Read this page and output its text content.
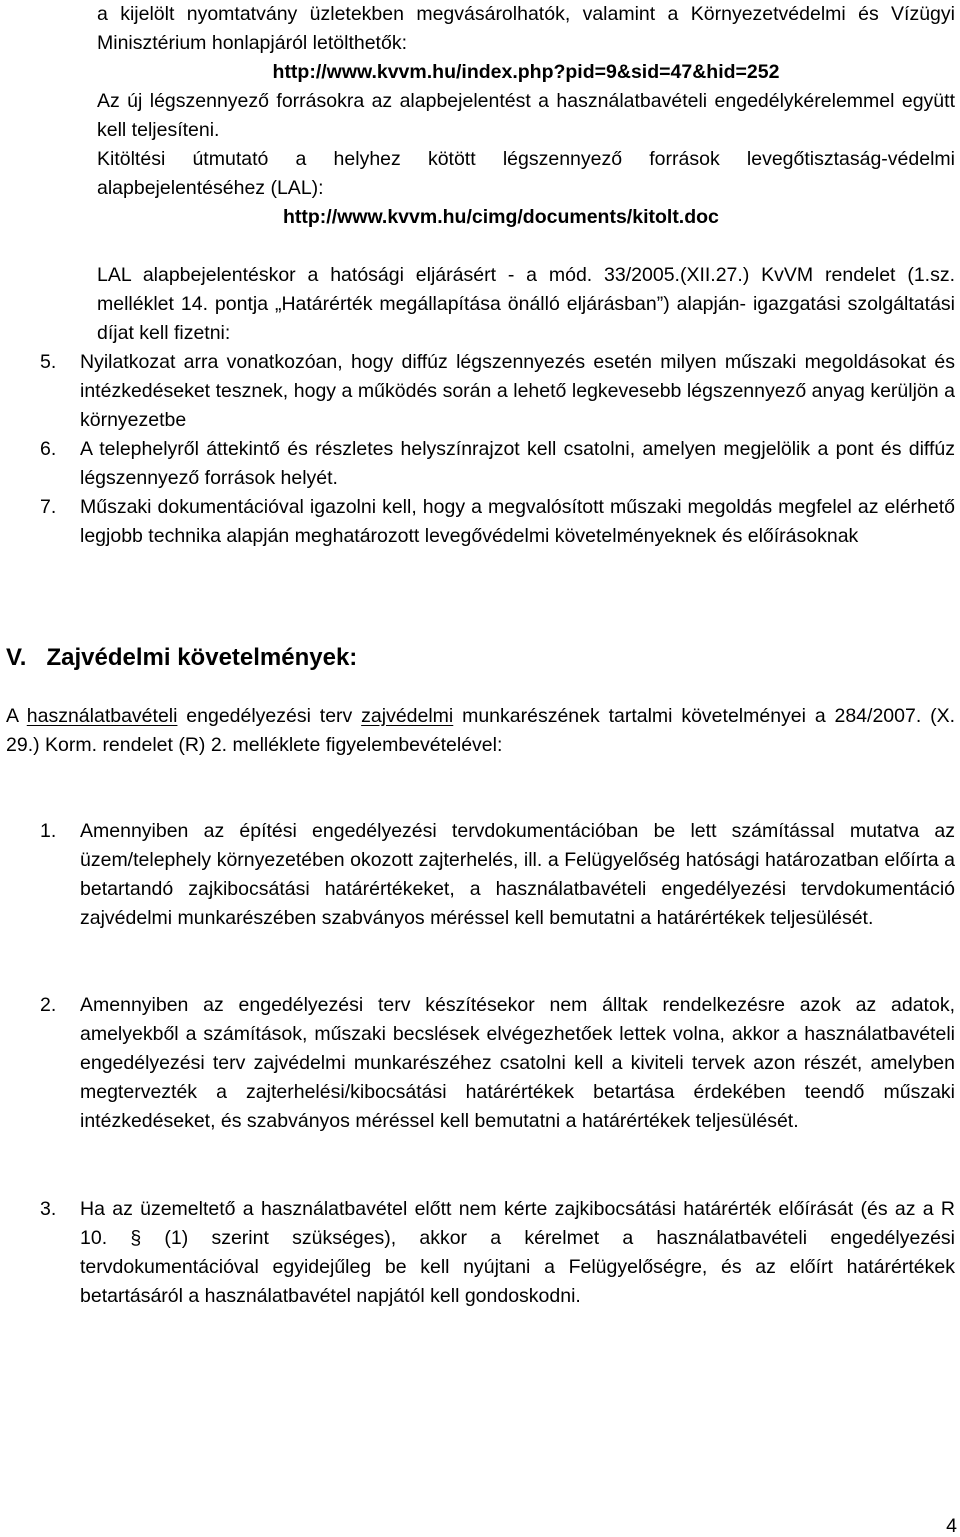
a kijelölt nyomtatvány üzletekben megvásárolhatók, valamint a Környezetvédelmi és Vízügyi Minisztérium honlapjáról letölthetők:
http://www.kvvm.hu/index.php?pid=9&sid=47&hid=252
Az új légszennyező forrásokra az alapbejelentést a használatbavételi engedélykérelemmel együtt kell teljesíteni.
Kitöltési útmutató a helyhez kötött légszennyező források levegőtisztaság-védelmi alapbejelentéséhez (LAL):
http://www.kvvm.hu/cimg/documents/kitolt.doc
LAL alapbejelentéskor a hatósági eljárásért - a mód. 33/2005.(XII.27.) KvVM rendelet (1.sz. melléklet 14. pontja „Határérték megállapítása önálló eljárásban”) alapján- igazgatási szolgáltatási díjat kell fizetni:
5.	Nyilatkozat arra vonatkozóan, hogy diffúz légszennyezés esetén milyen műszaki megoldásokat és intézkedéseket tesznek, hogy a működés során a lehető legkevesebb légszennyező anyag kerüljön a környezetbe
6.	A telephelyről áttekintő és részletes helyszínrajzot kell csatolni, amelyen megjelölik a pont és diffúz légszennyező források helyét.
7.	Műszaki dokumentációval igazolni kell, hogy a megvalósított műszaki megoldás megfelel az elérhető legjobb technika alapján meghatározott levegővédelmi követelményeknek és előírásoknak
V. Zajvédelmi követelmények:
A használatbavételi engedélyezési terv zajvédelmi munkarészének tartalmi követelményei a 284/2007. (X. 29.) Korm. rendelet (R) 2. melléklete figyelembevételével:
1.	Amennyiben az építési engedélyezési tervdokumentációban be lett számítással mutatva az üzem/telephely környezetében okozott zajterhelés, ill. a Felügyelőség hatósági határozatban előírta a betartandó zajkibocsátási határértékeket, a használatbavételi engedélyezési tervdokumentáció zajvédelmi munkarészében szabványos méréssel kell bemutatni a határértékek teljesülését.
2.	Amennyiben az engedélyezési terv készítésekor nem álltak rendelkezésre azok az adatok, amelyekből a számítások, műszaki becslések elvégezhetőek lettek volna, akkor a használatbavételi engedélyezési terv zajvédelmi munkarészéhez csatolni kell a kiviteli tervek azon részét, amelyben megtervezték a zajterhelési/kibocsátási határértékek betartása érdekében teendő műszaki intézkedéseket, és szabványos méréssel kell bemutatni a határértékek teljesülését.
3.	Ha az üzemeltető a használatbavétel előtt nem kérte zajkibocsátási határérték előírását (és az a R 10. § (1) szerint szükséges), akkor a kérelmet a használatbavételi engedélyezési tervdokumentációval egyidejűleg be kell nyújtani a Felügyelőségre, és az előírt határértékek betartásáról a használatbavétel napjától kell gondoskodni.
4
